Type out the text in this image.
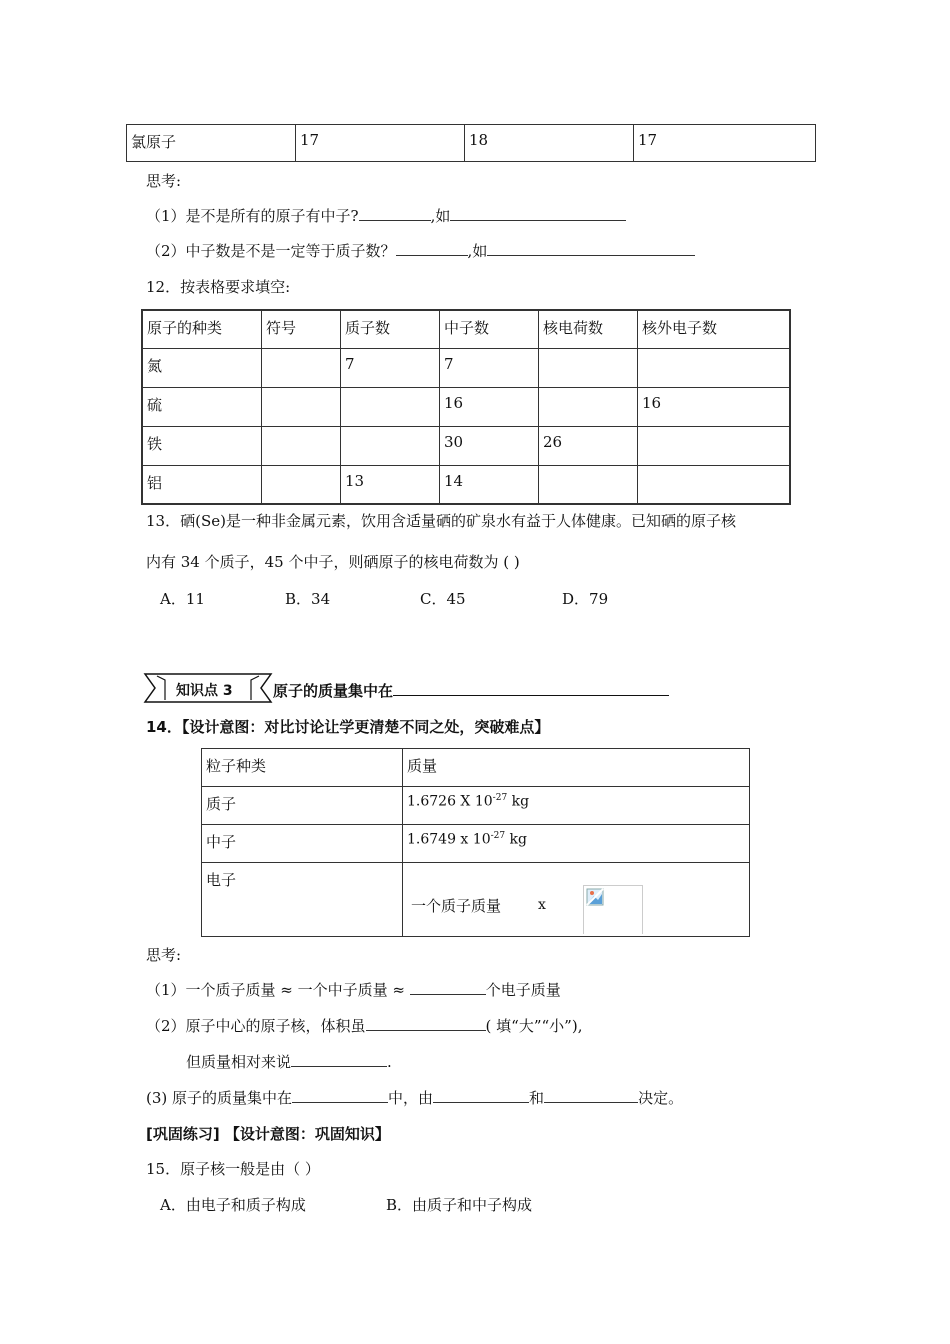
氯原子	17	18	17
思考:
（1）是不是所有的原子有中子?	,如
（2）中子数是不是一定等于质子数？	,如
12．按表格要求填空:
原子的种类	符号	质子数	中子数	核电荷数	核外电子数
氮		7	7		
硫			16		16
铁			30	26	
铝		13	14		
13．硒(Se)是一种非金属元素，饮用含适量硒的矿泉水有益于人体健康。已知硒的原子核
内有 34 个质子，45 个中子，则硒原子的核电荷数为 ( )
A．11	B．34	C．45	D．79
知识点 3	原子的质量集中在
14．【设计意图：对比讨论让学更清楚不同之处，突破难点】
粒子种类	质量
质子	1.6726 X $10^{-27}$ kg
中子	1.6749 x $10^{-27}$ kg
电子	一个质子质量 x
思考:
（1）一个质子质量 ≈ 一个中子质量 ≈	个电子质量
（2）原子中心的原子核，体积虽	( 填“大”“小”),
但质量相对来说	.
(3) 原子的质量集中在	中，由	和	决定。
[巩固练习] 【设计意图：巩固知识】
15．原子核一般是由（ ）
A．由电子和质子构成	B．由质子和中子构成
